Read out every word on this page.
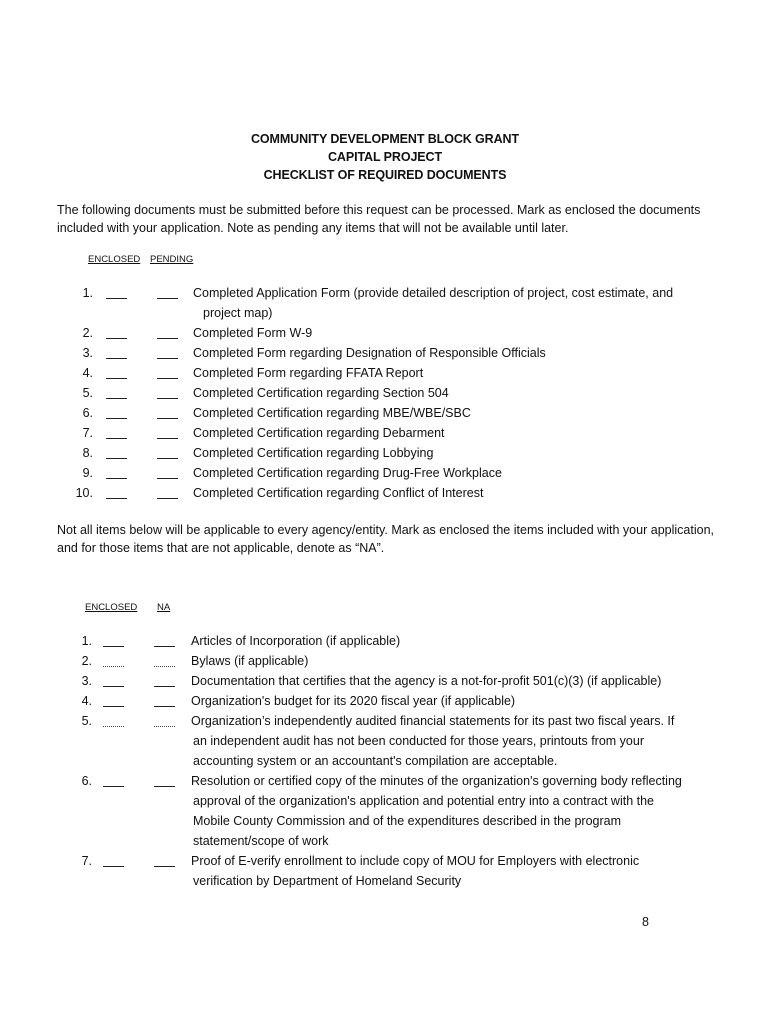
COMMUNITY DEVELOPMENT BLOCK GRANT
CAPITAL PROJECT
CHECKLIST OF REQUIRED DOCUMENTS
The following documents must be submitted before this request can be processed. Mark as enclosed the documents included with your application. Note as pending any items that will not be available until later.
ENCLOSED PENDING
1.	Completed Application Form (provide detailed description of project, cost estimate, and
project map)
2.	Completed Form W-9
3.	Completed Form regarding Designation of Responsible Officials
4.	Completed Form regarding FFATA Report
5.	Completed Certification regarding Section 504
6.	Completed Certification regarding MBE/WBE/SBC
7.	Completed Certification regarding Debarment
8.	Completed Certification regarding Lobbying
9.	Completed Certification regarding Drug-Free Workplace
10.	Completed Certification regarding Conflict of Interest
Not all items below will be applicable to every agency/entity. Mark as enclosed the items included with your application, and for those items that are not applicable, denote as “NA”.
ENCLOSED NA
1.	Articles of Incorporation (if applicable)
2.	Bylaws (if applicable)
3.	Documentation that certifies that the agency is a not-for-profit 501(c)(3) (if applicable)
4.	Organization's budget for its 2020 fiscal year (if applicable)
5.	Organization’s independently audited financial statements for its past two fiscal years. If
an independent audit has not been conducted for those years, printouts from your
accounting system or an accountant's compilation are acceptable.
6.	Resolution or certified copy of the minutes of the organization's governing body reflecting
approval of the organization's application and potential entry into a contract with the
Mobile County Commission and of the expenditures described in the program
statement/scope of work
7.	Proof of E-verify enrollment to include copy of MOU for Employers with electronic
verification by Department of Homeland Security
8
